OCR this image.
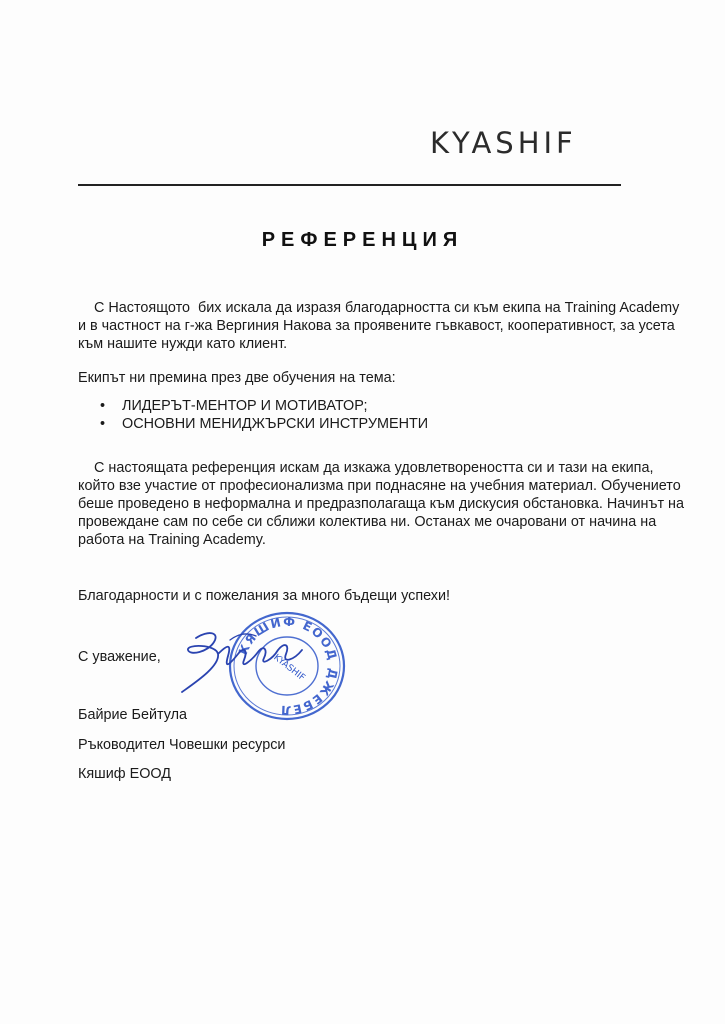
KYASHIF
РЕФЕРЕНЦИЯ

С Настоящото  бих искала да изразя благодарността си към екипа на Training Academy
и в частност на г-жа Вергиния Накова за проявените гъвкавост, кооперативност, за усета
към нашите нужди като клиент.

Екипът ни премина през две обучения на тема:

• ЛИДЕРЪТ-МЕНТОР И МОТИВАТОР;
• ОСНОВНИ МЕНИДЖЪРСКИ ИНСТРУМЕНТИ

С настоящата референция искам да изкажа удовлетвореността си и тази на екипа,
който взе участие от професионализма при поднасяне на учебния материал. Обучението
беше проведено в неформална и предразполагаща към дискусия обстановка. Начинът на
провеждане сам по себе си сближи колектива ни. Останах ме очаровани от начина на
работа на Training Academy.

Благодарности и с пожелания за много бъдещи успехи!

С уважение,
КЯШИФ ЕООД ДЖЕБЕЛ
KYASHIF
Байрие Бейтула
Ръководител Човешки ресурси
Кяшиф ЕООД
